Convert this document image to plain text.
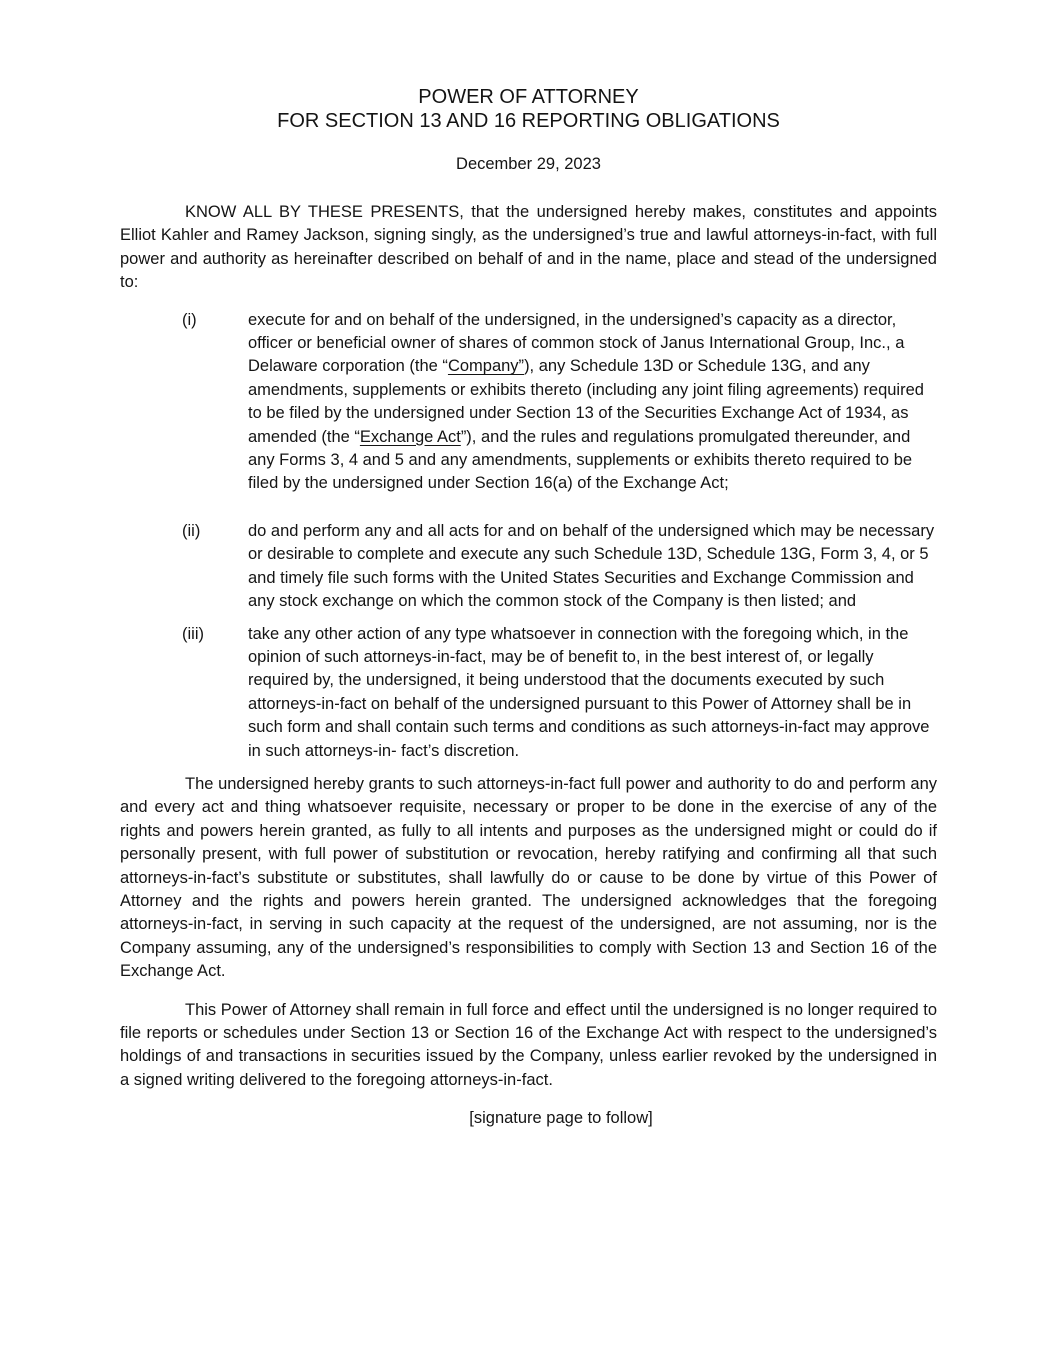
POWER OF ATTORNEY
FOR SECTION 13 AND 16 REPORTING OBLIGATIONS
December 29, 2023

KNOW ALL BY THESE PRESENTS, that the undersigned hereby makes, constitutes and appoints Elliot Kahler and Ramey Jackson, signing singly, as the undersigned’s true and lawful attorneys-in-fact, with full power and authority as hereinafter described on behalf of and in the name, place and stead of the undersigned to:

(i)	execute for and on behalf of the undersigned, in the undersigned’s capacity as a director, officer or beneficial owner of shares of common stock of Janus International Group, Inc., a Delaware corporation (the “Company”), any Schedule 13D or Schedule 13G, and any amendments, supplements or exhibits thereto (including any joint filing agreements) required to be filed by the undersigned under Section 13 of the Securities Exchange Act of 1934, as amended (the “Exchange Act”), and the rules and regulations promulgated thereunder, and any Forms 3, 4 and 5 and any amendments, supplements or exhibits thereto required to be filed by the undersigned under Section 16(a) of the Exchange Act;
(ii)	do and perform any and all acts for and on behalf of the undersigned which may be necessary or desirable to complete and execute any such Schedule 13D, Schedule 13G, Form 3, 4, or 5 and timely file such forms with the United States Securities and Exchange Commission and any stock exchange on which the common stock of the Company is then listed; and
(iii)	take any other action of any type whatsoever in connection with the foregoing which, in the opinion of such attorneys-in-fact, may be of benefit to, in the best interest of, or legally required by, the undersigned, it being understood that the documents executed by such attorneys-in-fact on behalf of the undersigned pursuant to this Power of Attorney shall be in such form and shall contain such terms and conditions as such attorneys-in-fact may approve in such attorneys-in- fact’s discretion.

The undersigned hereby grants to such attorneys-in-fact full power and authority to do and perform any and every act and thing whatsoever requisite, necessary or proper to be done in the exercise of any of the rights and powers herein granted, as fully to all intents and purposes as the undersigned might or could do if personally present, with full power of substitution or revocation, hereby ratifying and confirming all that such attorneys-in-fact’s substitute or substitutes, shall lawfully do or cause to be done by virtue of this Power of Attorney and the rights and powers herein granted. The undersigned acknowledges that the foregoing attorneys-in-fact, in serving in such capacity at the request of the undersigned, are not assuming, nor is the Company assuming, any of the undersigned’s responsibilities to comply with Section 13 and Section 16 of the Exchange Act.

This Power of Attorney shall remain in full force and effect until the undersigned is no longer required to file reports or schedules under Section 13 or Section 16 of the Exchange Act with respect to the undersigned’s holdings of and transactions in securities issued by the Company, unless earlier revoked by the undersigned in a signed writing delivered to the foregoing attorneys-in-fact.

[signature page to follow]
